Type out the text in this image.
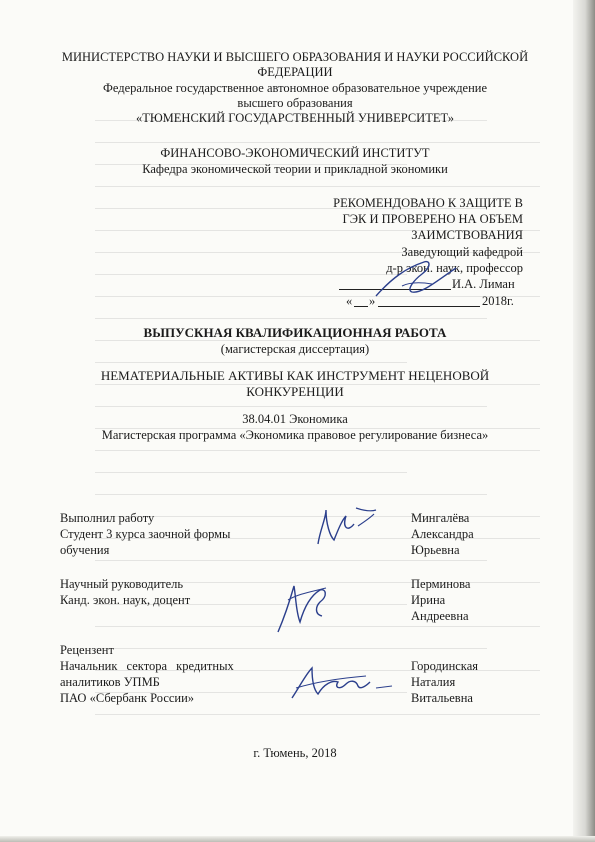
МИНИСТЕРСТВО НАУКИ И ВЫСШЕГО ОБРАЗОВАНИЯ И НАУКИ РОССИЙСКОЙ ФЕДЕРАЦИИ
Федеральное государственное автономное образовательное учреждение
высшего образования
«ТЮМЕНСКИЙ ГОСУДАРСТВЕННЫЙ УНИВЕРСИТЕТ»
ФИНАНСОВО-ЭКОНОМИЧЕСКИЙ ИНСТИТУТ
Кафедра экономической теории и прикладной экономики
РЕКОМЕНДОВАНО К ЗАЩИТЕ В
ГЭК И ПРОВЕРЕНО НА ОБЪЕМ
ЗАИМСТВОВАНИЯ
Заведующий кафедрой
д-р экон. наук, профессор
И.А. Лиман
« »	2018г.
ВЫПУСКНАЯ КВАЛИФИКАЦИОННАЯ РАБОТА
(магистерская диссертация)
НЕМАТЕРИАЛЬНЫЕ АКТИВЫ КАК ИНСТРУМЕНТ НЕЦЕНОВОЙ
КОНКУРЕНЦИИ
38.04.01 Экономика
Магистерская программа «Экономика правовое регулирование бизнеса»
Выполнил работу
Студент 3 курса заочной формы
обучения
Мингалёва
Александра
Юрьевна
Научный руководитель
Канд. экон. наук, доцент
Перминова
Ирина
Андреевна
Рецензент
Начальник сектора кредитных
аналитиков УПМБ
ПАО «Сбербанк России»
Городинская
Наталия
Витальевна
г. Тюмень, 2018
